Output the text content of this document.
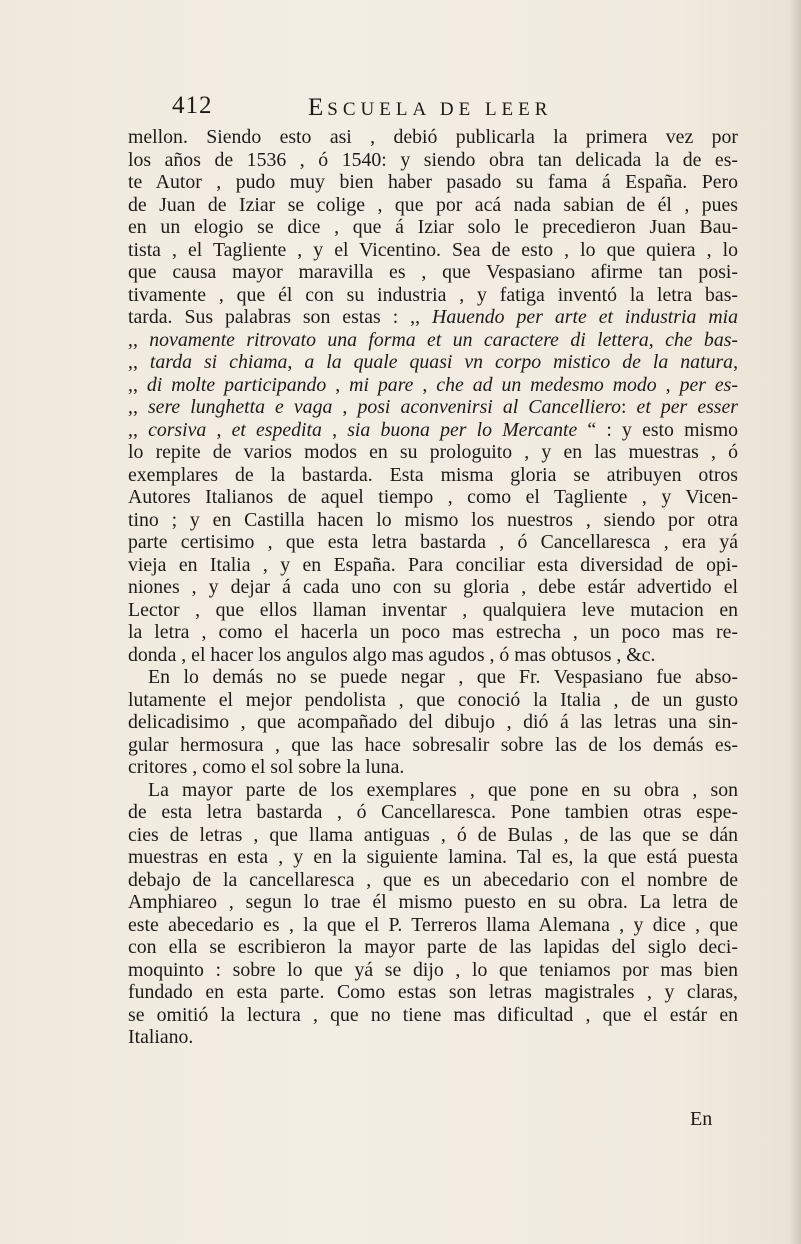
412	ESCUELA DE LEER
mellon. Siendo esto asi , debió publicarla la primera vez por
los años de 1536 , ó 1540: y siendo obra tan delicada la de es-
te Autor , pudo muy bien haber pasado su fama á España. Pero
de Juan de Iziar se colige , que por acá nada sabian de él , pues
en un elogio se dice , que á Iziar solo le precedieron Juan Bau-
tista , el Tagliente , y el Vicentino. Sea de esto , lo que quiera , lo
que causa mayor maravilla es , que Vespasiano afirme tan posi-
tivamente , que él con su industria , y fatiga inventó la letra bas-
tarda. Sus palabras son estas : ,, Hauendo per arte et industria mia
,, novamente ritrovato una forma et un caractere di lettera, che bas-
,, tarda si chiama, a la quale quasi vn corpo mistico de la natura,
,, di molte participando , mi pare , che ad un medesmo modo , per es-
,, sere lunghetta e vaga , posi aconvenirsi al Cancelliero: et per esser
,, corsiva , et espedita , sia buona per lo Mercante “ : y esto mismo
lo repite de varios modos en su prologuito , y en las muestras , ó
exemplares de la bastarda. Esta misma gloria se atribuyen otros
Autores Italianos de aquel tiempo , como el Tagliente , y Vicen-
tino ; y en Castilla hacen lo mismo los nuestros , siendo por otra
parte certisimo , que esta letra bastarda , ó Cancellaresca , era yá
vieja en Italia , y en España. Para conciliar esta diversidad de opi-
niones , y dejar á cada uno con su gloria , debe estár advertido el
Lector , que ellos llaman inventar , qualquiera leve mutacion en
la letra , como el hacerla un poco mas estrecha , un poco mas re-
donda , el hacer los angulos algo mas agudos , ó mas obtusos , &c.
En lo demás no se puede negar , que Fr. Vespasiano fue abso-
lutamente el mejor pendolista , que conoció la Italia , de un gusto
delicadisimo , que acompañado del dibujo , dió á las letras una sin-
gular hermosura , que las hace sobresalir sobre las de los demás es-
critores , como el sol sobre la luna.
La mayor parte de los exemplares , que pone en su obra , son
de esta letra bastarda , ó Cancellaresca. Pone tambien otras espe-
cies de letras , que llama antiguas , ó de Bulas , de las que se dán
muestras en esta , y en la siguiente lamina. Tal es, la que está puesta
debajo de la cancellaresca , que es un abecedario con el nombre de
Amphiareo , segun lo trae él mismo puesto en su obra. La letra de
este abecedario es , la que el P. Terreros llama Alemana , y dice , que
con ella se escribieron la mayor parte de las lapidas del siglo deci-
moquinto : sobre lo que yá se dijo , lo que teniamos por mas bien
fundado en esta parte. Como estas son letras magistrales , y claras,
se omitió la lectura , que no tiene mas dificultad , que el estár en
Italiano.
En
